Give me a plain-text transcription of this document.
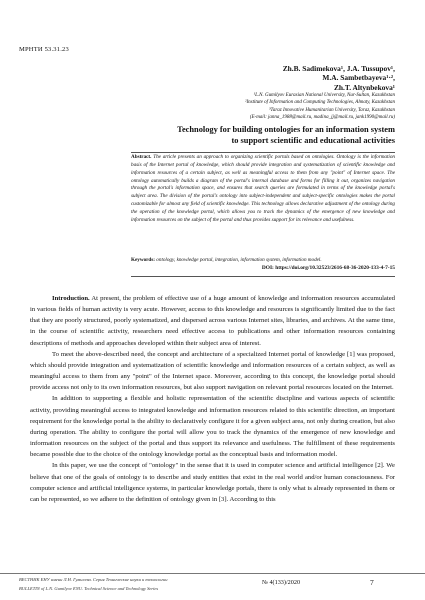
МРНТИ 53.31.23
Zh.B. Sadimekova¹, J.A. Tussupov¹,
M.A. Sambetbayeva¹·²,
Zh.T. Altynbekova¹
¹L.N. Gumilyov Eurasian National University, Nur-Sultan, Kazakhstan
²Institute of Information and Computing Technologies, Almaty, Kazakhstan
³Taraz Innovative Humanitarian University, Taraz, Kazakhstan
(E-mail: janna_1988@mail.ru, madina_jj@mail.ru, jank1990@mail.ru)
Technology for building ontologies for an information system to support scientific and educational activities
Abstract. The article presents an approach to organizing scientific portals based on ontologies. Ontology is the information basis of the Internet portal of knowledge, which should provide integration and systematization of scientific knowledge and information resources of a certain subject, as well as meaningful access to them from any "point" of Internet space. The ontology automatically builds a diagram of the portal's internal database and forms for filling it out, organizes navigation through the portal's information space, and ensures that search queries are formulated in terms of the knowledge portal's subject area. The division of the portal's ontology into subject-independent and subject-specific ontologies makes the portal customizable for almost any field of scientific knowledge. This technology allows declarative adjustment of the ontology during the operation of the knowledge portal, which allows you to track the dynamics of the emergence of new knowledge and information resources on the subject of the portal and thus provides support for its relevance and usefulness.
Keywords: ontology, knowledge portal, integration, information system, information model.
DOI: https://doi.org/10.32523/2616-68-36-2020-133-4-7-15

Introduction. At present, the problem of effective use of a huge amount of knowledge and information resources accumulated in various fields of human activity is very acute. However, access to this knowledge and resources is significantly limited due to the fact that they are poorly structured, poorly systematized, and dispersed across various Internet sites, libraries, and archives. At the same time, in the course of scientific activity, researchers need effective access to publications and other information resources containing descriptions of methods and approaches developed within their subject area of interest.

To meet the above-described need, the concept and architecture of a specialized Internet portal of knowledge [1] was proposed, which should provide integration and systematization of scientific knowledge and information resources of a certain subject, as well as meaningful access to them from any "point" of the Internet space. Moreover, according to this concept, the knowledge portal should provide access not only to its own information resources, but also support navigation on relevant portal resources located on the Internet.

In addition to supporting a flexible and holistic representation of the scientific discipline and various aspects of scientific activity, providing meaningful access to integrated knowledge and information resources related to this scientific direction, an important requirement for the knowledge portal is the ability to declaratively configure it for a given subject area, not only during creation, but also during operation. The ability to configure the portal will allow you to track the dynamics of the emergence of new knowledge and information resources on the subject of the portal and thus support its relevance and usefulness. The fulfillment of these requirements became possible due to the choice of the ontology knowledge portal as the conceptual basis and information model.

In this paper, we use the concept of "ontology" in the sense that it is used in computer science and artificial intelligence [2]. We believe that one of the goals of ontology is to describe and study entities that exist in the real world and/or human consciousness. For computer science and artificial intelligence systems, in particular knowledge portals, there is only what is already represented in them or can be represented, so we adhere to the definition of ontology given in [3]. According to this

ВЕСТНИК ЕНУ имени Л.Н. Гумилева. Серия Технические науки и технологии
BULLETIN of L.N. Gumilyov ENU. Technical Science and Technology Series
№ 4(133)/2020	7
